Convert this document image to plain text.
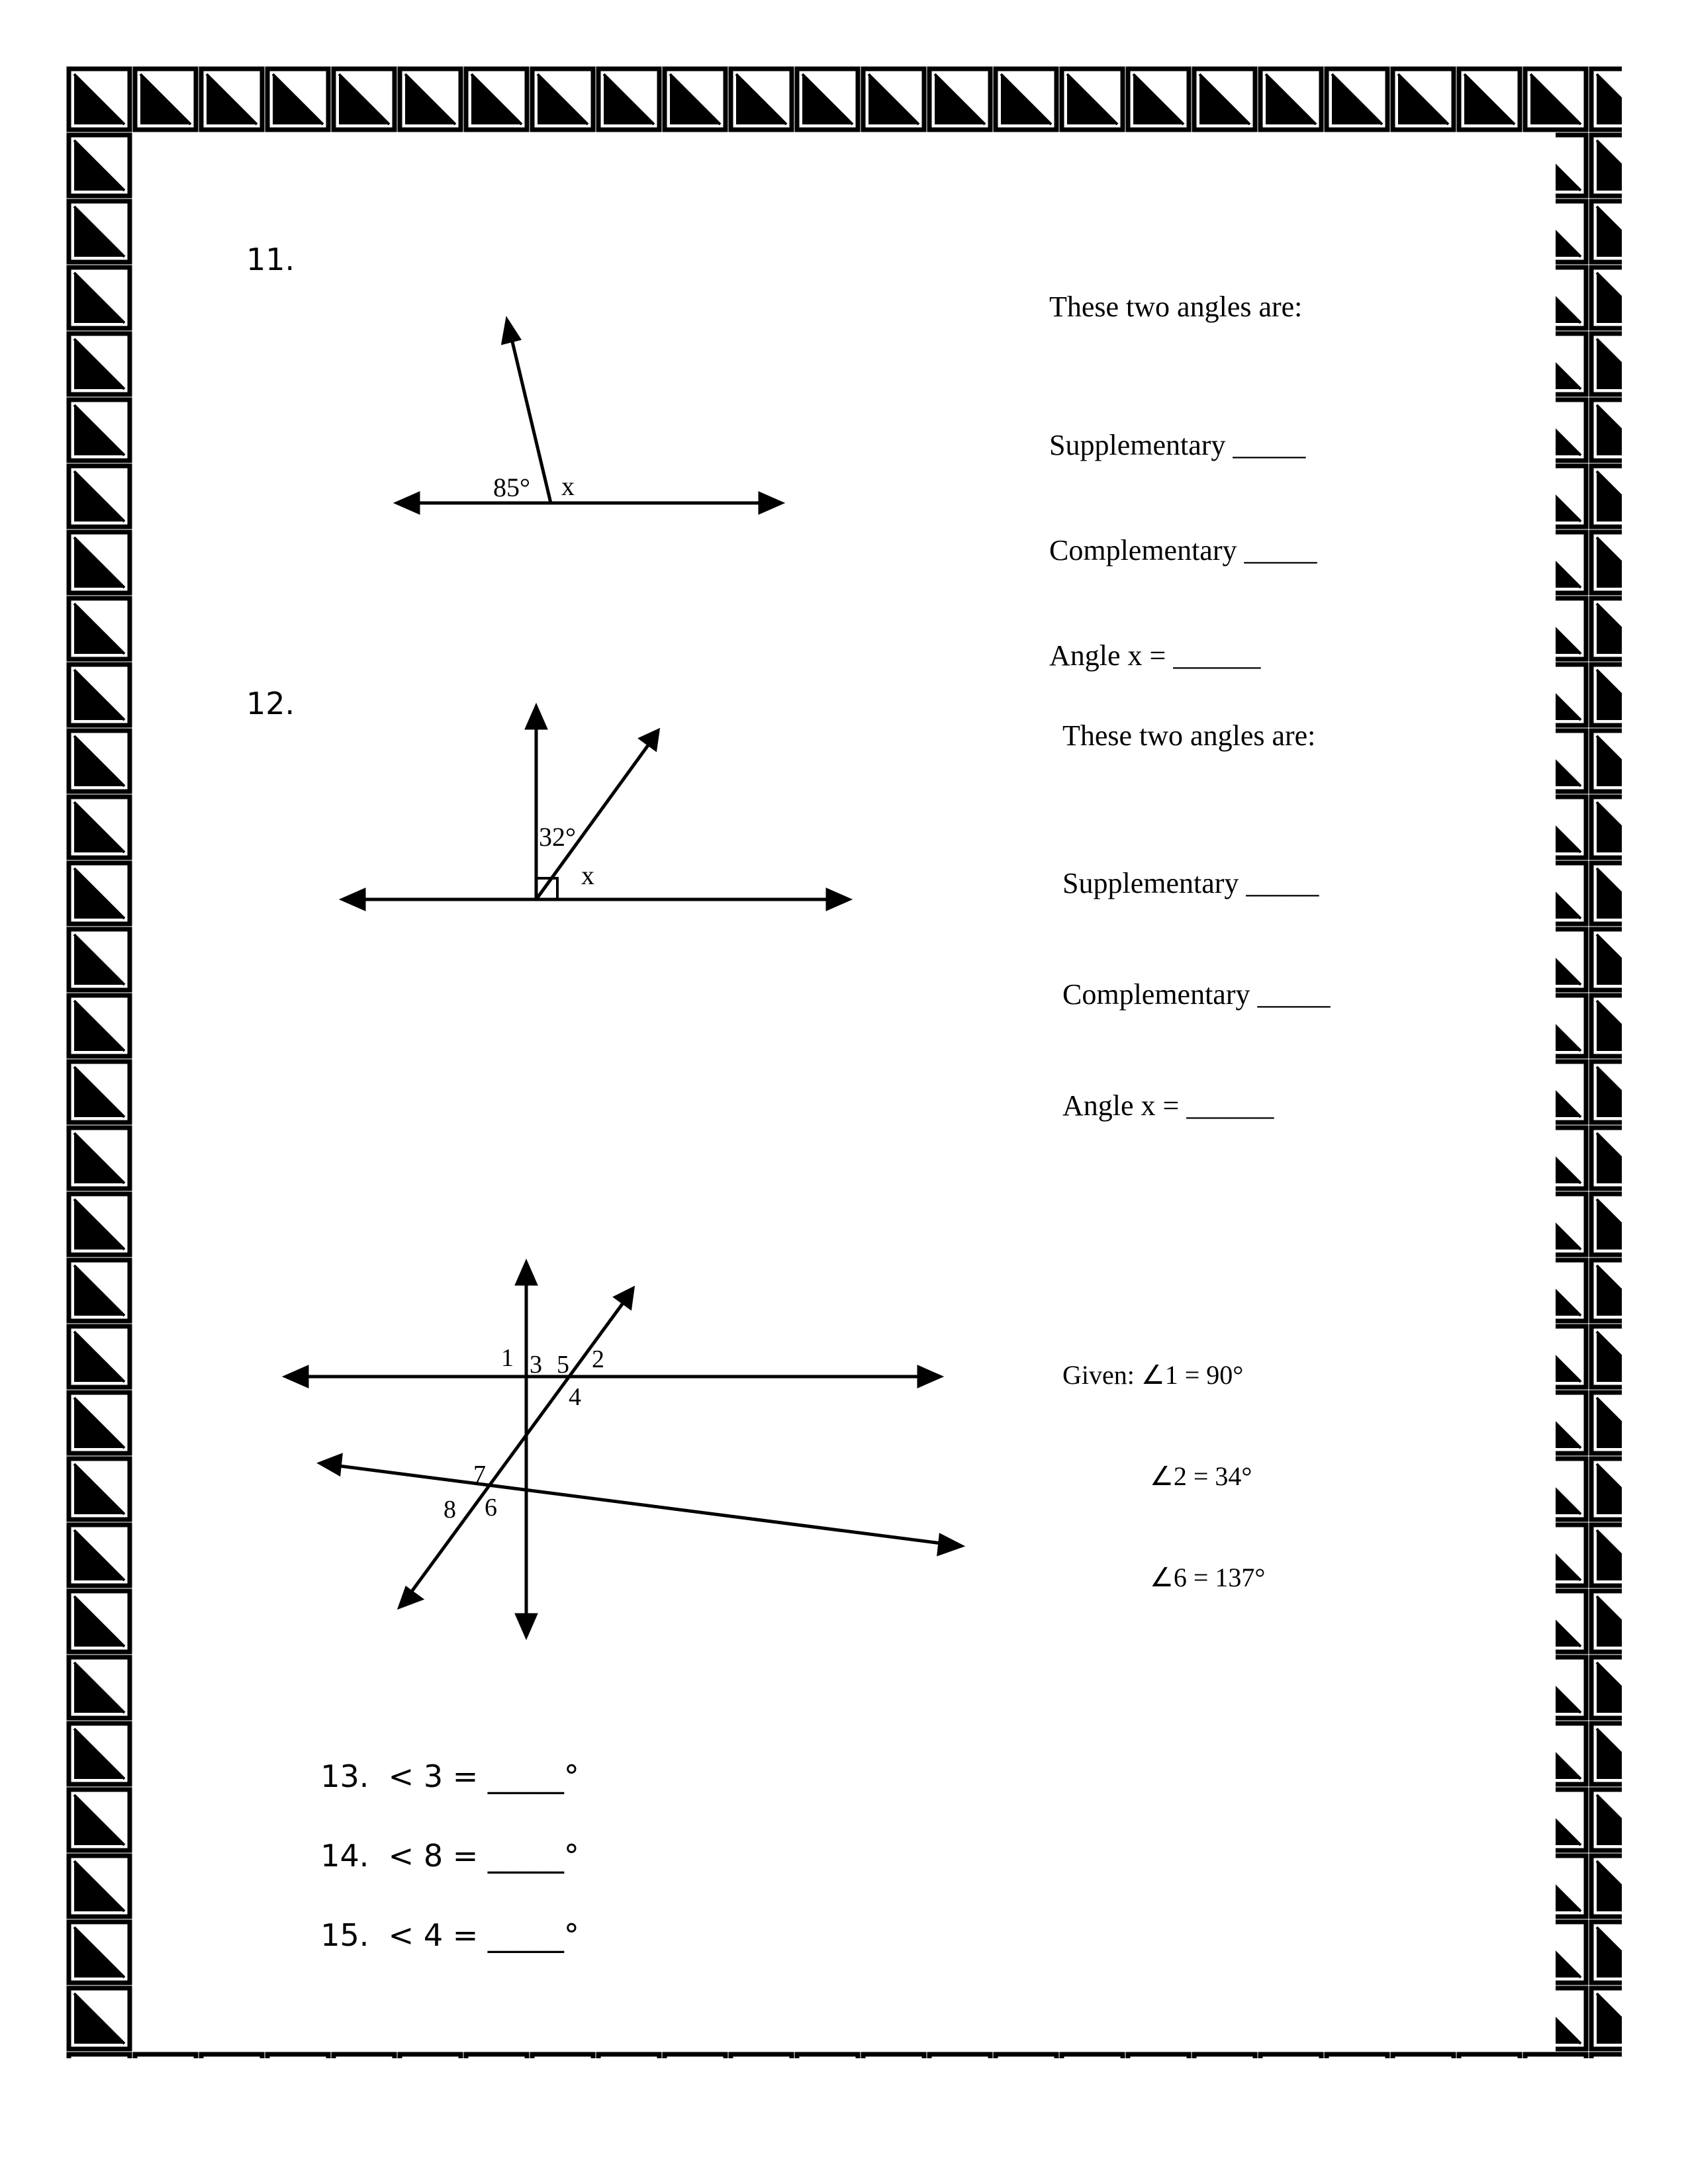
11.
85° x
These two angles are:

Supplementary _____

Complementary _____

Angle x = ______

12.
32°
x
These two angles are:

Supplementary _____

Complementary _____

Angle x = ______

1	2
3
4
5
6
7
8

Given: ∠1 = 90°

∠2 = 34°

∠6 = 137°

13. < 3 = _____°

14. < 8 = _____°

15. < 4 = _____°
